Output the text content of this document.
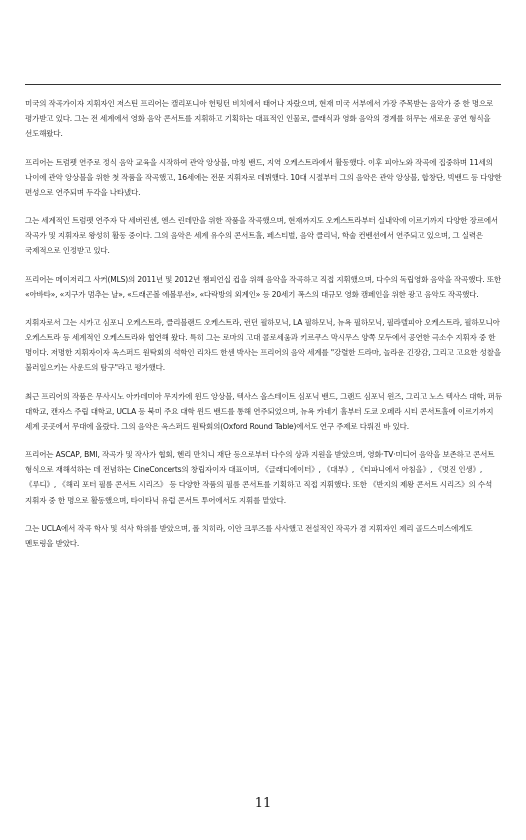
미국의 작곡가이자 지휘자인 저스틴 프리어는 캘리포니아 헌팅턴 비치에서 태어나 자랐으며, 현재 미국 서부에서 가장 주목받는 음악가 중 한 명으로 평가받고 있다. 그는 전 세계에서 영화 음악 콘서트를 지휘하고 기획하는 대표적인 인물로, 클래식과 영화 음악의 경계를 허무는 새로운 공연 형식을 선도해왔다.

프리어는 트럼펫 연주로 정식 음악 교육을 시작하여 관악 앙상블, 마칭 밴드, 지역 오케스트라에서 활동했다. 이후 피아노와 작곡에 집중하며 11세의 나이에 관악 앙상블을 위한 첫 작품을 작곡했고, 16세에는 전문 지휘자로 데뷔했다. 10대 시절부터 그의 음악은 관악 앙상블, 합창단, 빅밴드 등 다양한 편성으로 연주되며 두각을 나타냈다.

그는 세계적인 트럼펫 연주자 닥 세버린센, 엔스 린데만을 위한 작품을 작곡했으며, 현재까지도 오케스트라부터 실내악에 이르기까지 다양한 장르에서 작곡가 및 지휘자로 왕성히 활동 중이다. 그의 음악은 세계 유수의 콘서트홀, 페스티벌, 음악 클리닉, 학술 컨벤션에서 연주되고 있으며, 그 실력은 국제적으로 인정받고 있다.

프리어는 메이저리그 사커(MLS)의 2011년 및 2012년 챔피언십 컵을 위해 음악을 작곡하고 직접 지휘했으며, 다수의 독립영화 음악을 작곡했다. 또한 «아바타», «지구가 멈추는 날», «드래곤볼 에볼루션», «다락방의 외계인» 등 20세기 폭스의 대규모 영화 캠페인을 위한 광고 음악도 작곡했다.

지휘자로서 그는 시카고 심포니 오케스트라, 클리블랜드 오케스트라, 런던 필하모닉, LA 필하모닉, 뉴욕 필하모닉, 필라델피아 오케스트라, 필하모니아 오케스트라 등 세계적인 오케스트라와 협연해 왔다. 특히 그는 로마의 고대 콜로세움과 키르쿠스 막시무스 양쪽 모두에서 공연한 극소수 지휘자 중 한 명이다. 저명한 지휘자이자 옥스퍼드 원탁회의 석학인 리차드 한센 박사는 프리어의 음악 세계를 "강렬한 드라마, 놀라운 긴장감, 그리고 고요한 성찰을 불러일으키는 사운드의 탐구"라고 평가했다.

최근 프리어의 작품은 무사시노 아카데미아 무지카에 윈드 앙상블, 텍사스 올스테이트 심포닉 밴드, 그랜드 심포닉 윈즈, 그리고 노스 텍사스 대학, 퍼듀 대학교, 캔자스 주립 대학교, UCLA 등 북미 주요 대학 윈드 밴드를 통해 연주되었으며, 뉴욕 카네기 홀부터 도쿄 오페라 시티 콘서트홀에 이르기까지 세계 곳곳에서 무대에 올랐다. 그의 음악은 옥스퍼드 원탁회의(Oxford Round Table)에서도 연구 주제로 다뤄진 바 있다.

프리어는 ASCAP, BMI, 작곡가 및 작사가 협회, 헨리 만치니 재단 등으로부터 다수의 상과 지원을 받았으며, 영화·TV·미디어 음악을 보존하고 콘서트 형식으로 재해석하는 데 전념하는 CineConcerts의 창립자이자 대표이며, 《글래디에이터》, 《대부》, 《티파니에서 아침을》, 《멋진 인생》, 《루디》, 《해리 포터 필름 콘서트 시리즈》 등 다양한 작품의 필름 콘서트를 기획하고 직접 지휘했다. 또한 《반지의 제왕 콘서트 시리즈》의 수석 지휘자 중 한 명으로 활동했으며, 타이타닉 유럽 콘서트 투어에서도 지휘를 맡았다.

그는 UCLA에서 작곡 학사 및 석사 학위를 받았으며, 폴 치히라, 이안 크루즈를 사사했고 전설적인 작곡가 겸 지휘자인 제리 골드스미스에게도 멘토링을 받았다.

11
